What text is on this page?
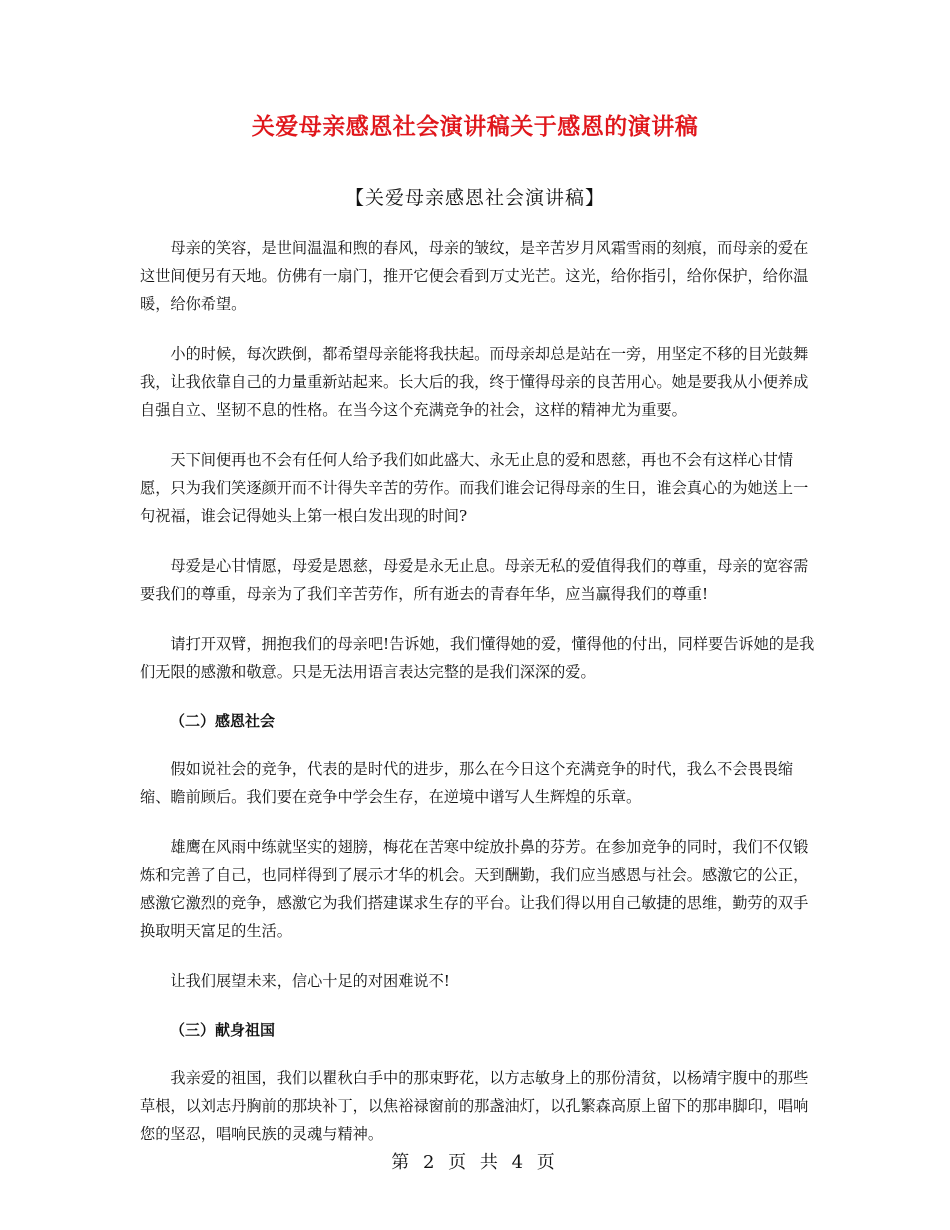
关爱母亲感恩社会演讲稿关于感恩的演讲稿
【关爱母亲感恩社会演讲稿】

母亲的笑容，是世间温温和煦的春风，母亲的皱纹，是辛苦岁月风霜雪雨的刻痕，而母亲的爱在这世间便另有天地。仿佛有一扇门，推开它便会看到万丈光芒。这光，给你指引，给你保护，给你温暖，给你希望。

小的时候，每次跌倒，都希望母亲能将我扶起。而母亲却总是站在一旁，用坚定不移的目光鼓舞我，让我依靠自己的力量重新站起来。长大后的我，终于懂得母亲的良苦用心。她是要我从小便养成自强自立、坚韧不息的性格。在当今这个充满竞争的社会，这样的精神尤为重要。

天下间便再也不会有任何人给予我们如此盛大、永无止息的爱和恩慈，再也不会有这样心甘情愿，只为我们笑逐颜开而不计得失辛苦的劳作。而我们谁会记得母亲的生日，谁会真心的为她送上一句祝福，谁会记得她头上第一根白发出现的时间?

母爱是心甘情愿，母爱是恩慈，母爱是永无止息。母亲无私的爱值得我们的尊重，母亲的宽容需要我们的尊重，母亲为了我们辛苦劳作，所有逝去的青春年华，应当赢得我们的尊重!

请打开双臂，拥抱我们的母亲吧!告诉她，我们懂得她的爱，懂得他的付出，同样要告诉她的是我们无限的感激和敬意。只是无法用语言表达完整的是我们深深的爱。

（二）感恩社会

假如说社会的竞争，代表的是时代的进步，那么在今日这个充满竞争的时代，我么不会畏畏缩缩、瞻前顾后。我们要在竞争中学会生存，在逆境中谱写人生辉煌的乐章。

雄鹰在风雨中练就坚实的翅膀，梅花在苦寒中绽放扑鼻的芬芳。在参加竞争的同时，我们不仅锻炼和完善了自己，也同样得到了展示才华的机会。天到酬勤，我们应当感恩与社会。感激它的公正，感激它激烈的竞争，感激它为我们搭建谋求生存的平台。让我们得以用自己敏捷的思维，勤劳的双手换取明天富足的生活。

让我们展望未来，信心十足的对困难说不!

（三）献身祖国

我亲爱的祖国，我们以瞿秋白手中的那束野花，以方志敏身上的那份清贫，以杨靖宇腹中的那些草根，以刘志丹胸前的那块补丁，以焦裕禄窗前的那盏油灯，以孔繁森高原上留下的那串脚印，唱响您的坚忍，唱响民族的灵魂与精神。

第 2 页 共 4 页
